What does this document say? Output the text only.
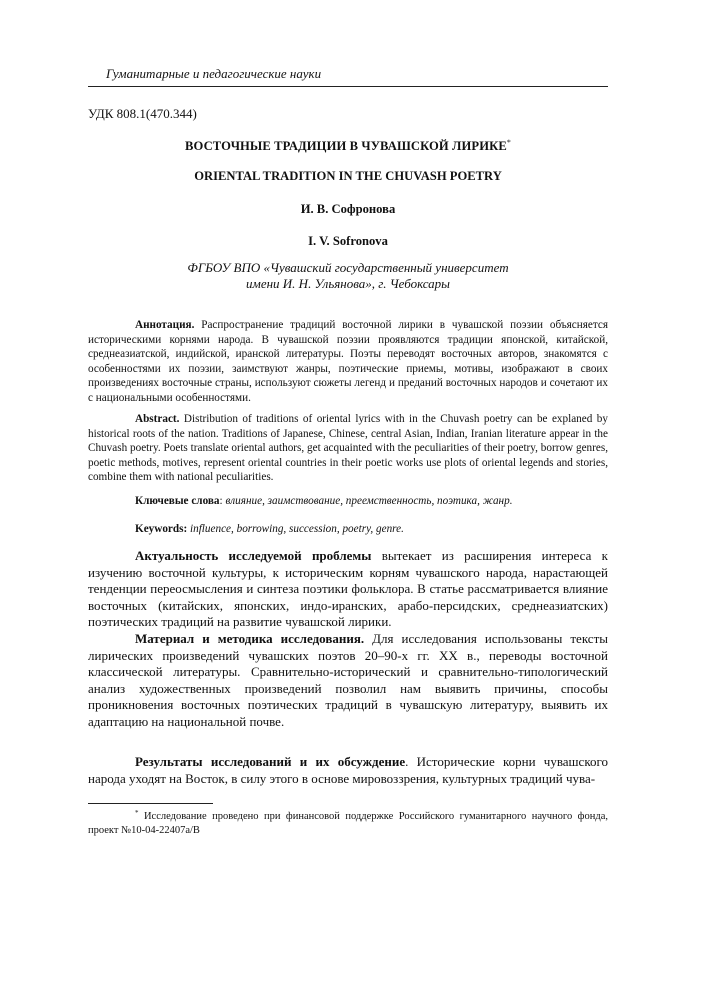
Гуманитарные и педагогические науки
УДК 808.1(470.344)
ВОСТОЧНЫЕ ТРАДИЦИИ В ЧУВАШСКОЙ ЛИРИКЕ*
ORIENTAL TRADITION IN THE CHUVASH POETRY
И. В. Софронова
I. V. Sofronova
ФГБОУ ВПО «Чувашский государственный университет
имени И. Н. Ульянова», г. Чебоксары

Аннотация. Распространение традиций восточной лирики в чувашской поэзии объясняется историческими корнями народа. В чувашской поэзии проявляются традиции японской, китайской, среднеазиатской, индийской, иранской литературы. Поэты переводят восточных авторов, знакомятся с особенностями их поэзии, заимствуют жанры, поэтические приемы, мотивы, изображают в своих произведениях восточные страны, используют сюжеты легенд и преданий восточных народов и сочетают их с национальными особенностями.

Abstract. Distribution of traditions of oriental lyrics with in the Chuvash poetry can be explaned by historical roots of the nation. Traditions of Japanese, Chinese, central Asian, Indian, Iranian literature appear in the Chuvash poetry. Poets translate oriental authors, get acquainted with the peculiarities of their poetry, borrow genres, poetic methods, motives, represent oriental countries in their poetic works use plots of oriental legends and stories, combine them with national peculiarities.

Ключевые слова: влияние, заимствование, преемственность, поэтика, жанр.

Keywords: influence, borrowing, succession, poetry, genre.

Актуальность исследуемой проблемы вытекает из расширения интереса к изучению восточной культуры, к историческим корням чувашского народа, нарастающей тенденции переосмысления и синтеза поэтики фольклора. В статье рассматривается влияние восточных (китайских, японских, индо-иранских, арабо-персидских, среднеазиатских) поэтических традиций на развитие чувашской лирики.

Материал и методика исследования. Для исследования использованы тексты лирических произведений чувашских поэтов 20–90-х гг. XX в., переводы восточной классической литературы. Сравнительно-исторический и сравнительно-типологический анализ художественных произведений позволил нам выявить причины, способы проникновения восточных поэтических традиций в чувашскую литературу, выявить их адаптацию на национальной почве.

Результаты исследований и их обсуждение. Исторические корни чувашского народа уходят на Восток, в силу этого в основе мировоззрения, культурных традиций чува-

* Исследование проведено при финансовой поддержке Российского гуманитарного научного фонда, проект №10-04-22407а/В
